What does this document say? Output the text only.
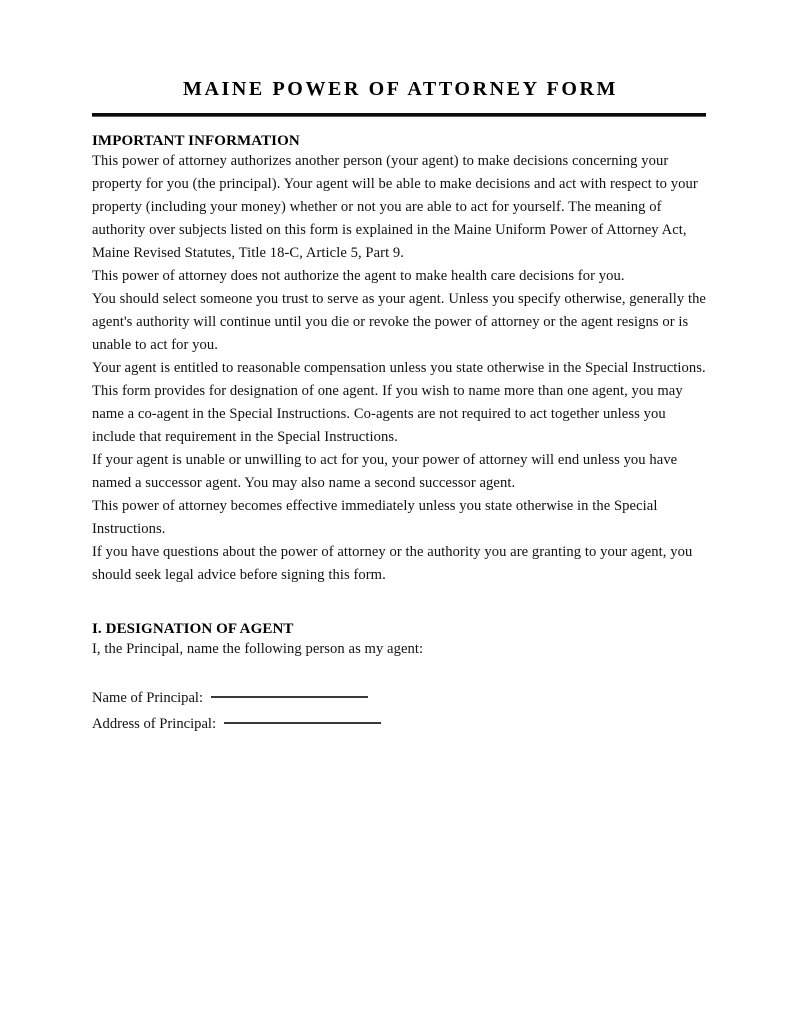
MAINE POWER OF ATTORNEY FORM
IMPORTANT INFORMATION

This power of attorney authorizes another person (your agent) to make decisions concerning your property for you (the principal). Your agent will be able to make decisions and act with respect to your property (including your money) whether or not you are able to act for yourself. The meaning of authority over subjects listed on this form is explained in the Maine Uniform Power of Attorney Act, Maine Revised Statutes, Title 18-C, Article 5, Part 9.

This power of attorney does not authorize the agent to make health care decisions for you.

You should select someone you trust to serve as your agent. Unless you specify otherwise, generally the agent's authority will continue until you die or revoke the power of attorney or the agent resigns or is unable to act for you.

Your agent is entitled to reasonable compensation unless you state otherwise in the Special Instructions.

This form provides for designation of one agent. If you wish to name more than one agent, you may name a co-agent in the Special Instructions. Co-agents are not required to act together unless you include that requirement in the Special Instructions.

If your agent is unable or unwilling to act for you, your power of attorney will end unless you have named a successor agent. You may also name a second successor agent.

This power of attorney becomes effective immediately unless you state otherwise in the Special Instructions.

If you have questions about the power of attorney or the authority you are granting to your agent, you should seek legal advice before signing this form.

I. DESIGNATION OF AGENT

I, the Principal, name the following person as my agent:

Name of Principal:
Address of Principal:
